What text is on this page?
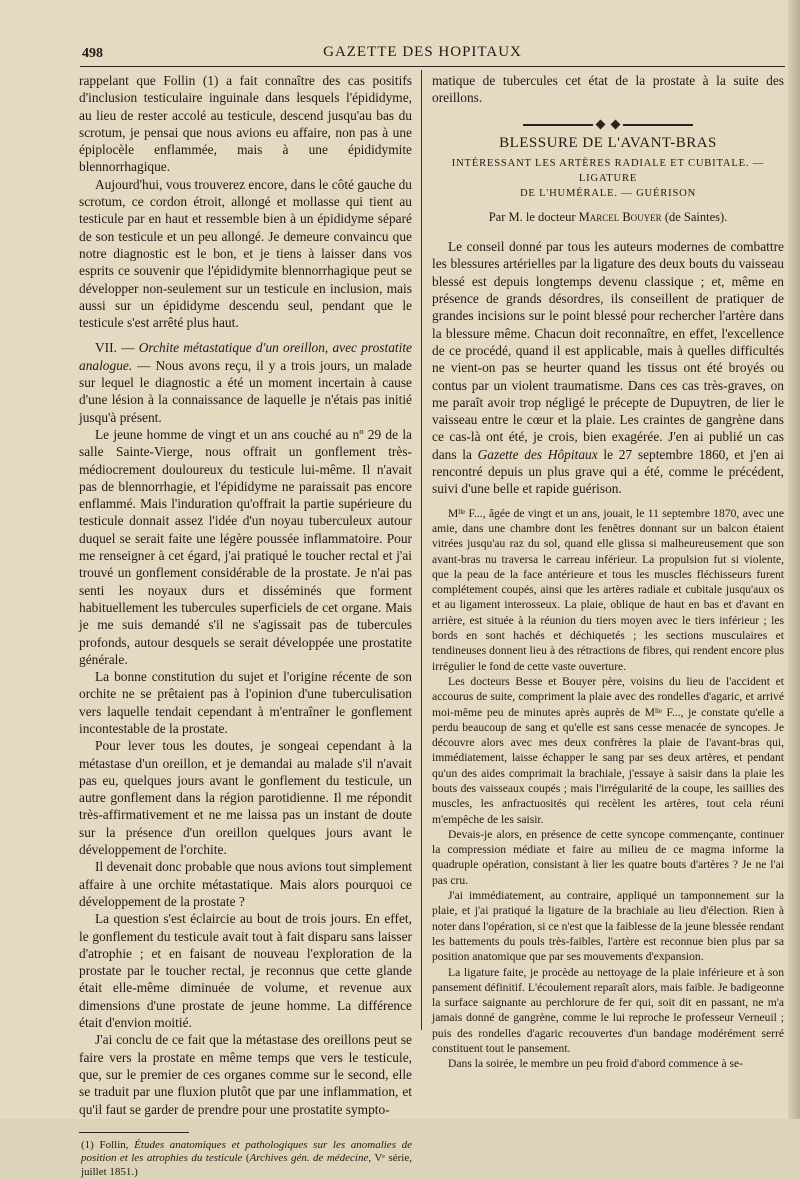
498	GAZETTE DES HOPITAUX

rappelant que Follin (1) a fait connaître des cas positifs d'inclusion testiculaire inguinale dans lesquels l'épididyme, au lieu de rester accolé au testicule, descend jusqu'au bas du scrotum, je pensai que nous avions eu affaire, non pas à une épiplocèle enflammée, mais à une épididymite blennorrhagique.

Aujourd'hui, vous trouverez encore, dans le côté gauche du scrotum, ce cordon étroit, allongé et mollasse qui tient au testicule par en haut et ressemble bien à un épididyme séparé de son testicule et un peu allongé. Je demeure convaincu que notre diagnostic est le bon, et je tiens à laisser dans vos esprits ce souvenir que l'épididymite blennorrhagique peut se développer non-seulement sur un testicule en inclusion, mais aussi sur un épididyme descendu seul, pendant que le testicule s'est arrêté plus haut.

VII. — Orchite métastatique d'un oreillon, avec prostatite analogue. — Nous avons reçu, il y a trois jours, un malade sur lequel le diagnostic a été un moment incertain à cause d'une lésion à la connaissance de laquelle je n'étais pas initié jusqu'à présent.

Le jeune homme de vingt et un ans couché au nº 29 de la salle Sainte-Vierge, nous offrait un gonflement très-médiocrement douloureux du testicule lui-même. Il n'avait pas de blennorrhagie, et l'épididyme ne paraissait pas encore enflammé. Mais l'induration qu'offrait la partie supérieure du testicule donnait assez l'idée d'un noyau tuberculeux autour duquel se serait faite une légère poussée inflammatoire. Pour me renseigner à cet égard, j'ai pratiqué le toucher rectal et j'ai trouvé un gonflement considérable de la prostate. Je n'ai pas senti les noyaux durs et disséminés que forment habituellement les tubercules superficiels de cet organe. Mais je me suis demandé s'il ne s'agissait pas de tubercules profonds, autour desquels se serait développée une prostatite générale.

La bonne constitution du sujet et l'origine récente de son orchite ne se prêtaient pas à l'opinion d'une tuberculisation vers laquelle tendait cependant à m'entraîner le gonflement incontestable de la prostate.

Pour lever tous les doutes, je songeai cependant à la métastase d'un oreillon, et je demandai au malade s'il n'avait pas eu, quelques jours avant le gonflement du testicule, un autre gonflement dans la région parotidienne. Il me répondit très-affirmativement et ne me laissa pas un instant de doute sur la présence d'un oreillon quelques jours avant le développement de l'orchite.

Il devenait donc probable que nous avions tout simplement affaire à une orchite métastatique. Mais alors pourquoi ce développement de la prostate ?

La question s'est éclaircie au bout de trois jours. En effet, le gonflement du testicule avait tout à fait disparu sans laisser d'atrophie ; et en faisant de nouveau l'exploration de la prostate par le toucher rectal, je reconnus que cette glande était elle-même diminuée de volume, et revenue aux dimensions d'une prostate de jeune homme. La différence était d'envion moitié.

J'ai conclu de ce fait que la métastase des oreillons peut se faire vers la prostate en même temps que vers le testicule, que, sur le premier de ces organes comme sur le second, elle se traduit par une fluxion plutôt que par une inflammation, et qu'il faut se garder de prendre pour une prostatite sympto-

(1) Follin, Études anatomiques et pathologiques sur les anomalies de position et les atrophies du testicule (Archives gén. de médecine, Vᵉ série, juillet 1851.)

matique de tubercules cet état de la prostate à la suite des oreillons.

BLESSURE DE L'AVANT-BRAS
INTÉRESSANT LES ARTÈRES RADIALE ET CUBITALE. — LIGATURE
DE L'HUMÉRALE. — GUÉRISON
Par M. le docteur Marcel Bouyer (de Saintes).

Le conseil donné par tous les auteurs modernes de combattre les blessures artérielles par la ligature des deux bouts du vaisseau blessé est depuis longtemps devenu classique ; et, même en présence de grands désordres, ils conseillent de pratiquer de grandes incisions sur le point blessé pour rechercher l'artère dans la blessure même. Chacun doit reconnaître, en effet, l'excellence de ce procédé, quand il est applicable, mais à quelles difficultés ne vient-on pas se heurter quand les tissus ont été broyés ou contus par un violent traumatisme. Dans ces cas très-graves, on me paraît avoir trop négligé le précepte de Dupuytren, de lier le vaisseau entre le cœur et la plaie. Les craintes de gangrène dans ce cas-là ont été, je crois, bien exagérée. J'en ai publié un cas dans la Gazette des Hôpitaux le 27 septembre 1860, et j'en ai rencontré depuis un plus grave qui a été, comme le précédent, suivi d'une belle et rapide guérison.

Mˡˡᵉ F..., âgée de vingt et un ans, jouait, le 11 septembre 1870, avec une amie, dans une chambre dont les fenêtres donnant sur un balcon étaient vitrées jusqu'au raz du sol, quand elle glissa si malheureusement que son avant-bras nu traversa le carreau inférieur. La propulsion fut si violente, que la peau de la face antérieure et tous les muscles fléchisseurs furent complétement coupés, ainsi que les artères radiale et cubitale jusqu'aux os et au ligament interosseux. La plaie, oblique de haut en bas et d'avant en arrière, est située à la réunion du tiers moyen avec le tiers inférieur ; les bords en sont hachés et déchiquetés ; les sections musculaires et tendineuses donnent lieu à des rétractions de fibres, qui rendent encore plus irrégulier le fond de cette vaste ouverture.

Les docteurs Besse et Bouyer père, voisins du lieu de l'accident et accourus de suite, compriment la plaie avec des rondelles d'agaric, et arrivé moi-même peu de minutes après auprès de Mˡˡᵉ F..., je constate qu'elle a perdu beaucoup de sang et qu'elle est sans cesse menacée de syncopes. Je découvre alors avec mes deux confrères la plaie de l'avant-bras qui, immédiatement, laisse échapper le sang par ses deux artères, et pendant qu'un des aides comprimait la brachiale, j'essaye à saisir dans la plaie les bouts des vaisseaux coupés ; mais l'irrégularité de la coupe, les saillies des muscles, les anfractuosités qui recèlent les artères, tout cela réuni m'empêche de les saisir.

Devais-je alors, en présence de cette syncope commençante, continuer la compression médiate et faire au milieu de ce magma informe la quadruple opération, consistant à lier les quatre bouts d'artères ? Je ne l'ai pas cru.

J'ai immédiatement, au contraire, appliqué un tamponnement sur la plaie, et j'ai pratiqué la ligature de la brachiale au lieu d'élection. Rien à noter dans l'opération, si ce n'est que la faiblesse de la jeune blessée rendant les battements du pouls très-faibles, l'artère est reconnue bien plus par sa position anatomique que par ses mouvements d'expansion.

La ligature faite, je procède au nettoyage de la plaie inférieure et à son pansement définitif. L'écoulement reparaît alors, mais faible. Je badigeonne la surface saignante au perchlorure de fer qui, soit dit en passant, ne m'a jamais donné de gangrène, comme le lui reproche le professeur Verneuil ; puis des rondelles d'agaric recouvertes d'un bandage modérément serré constituent tout le pansement.

Dans la soirée, le membre un peu froid d'abord commence à se-
